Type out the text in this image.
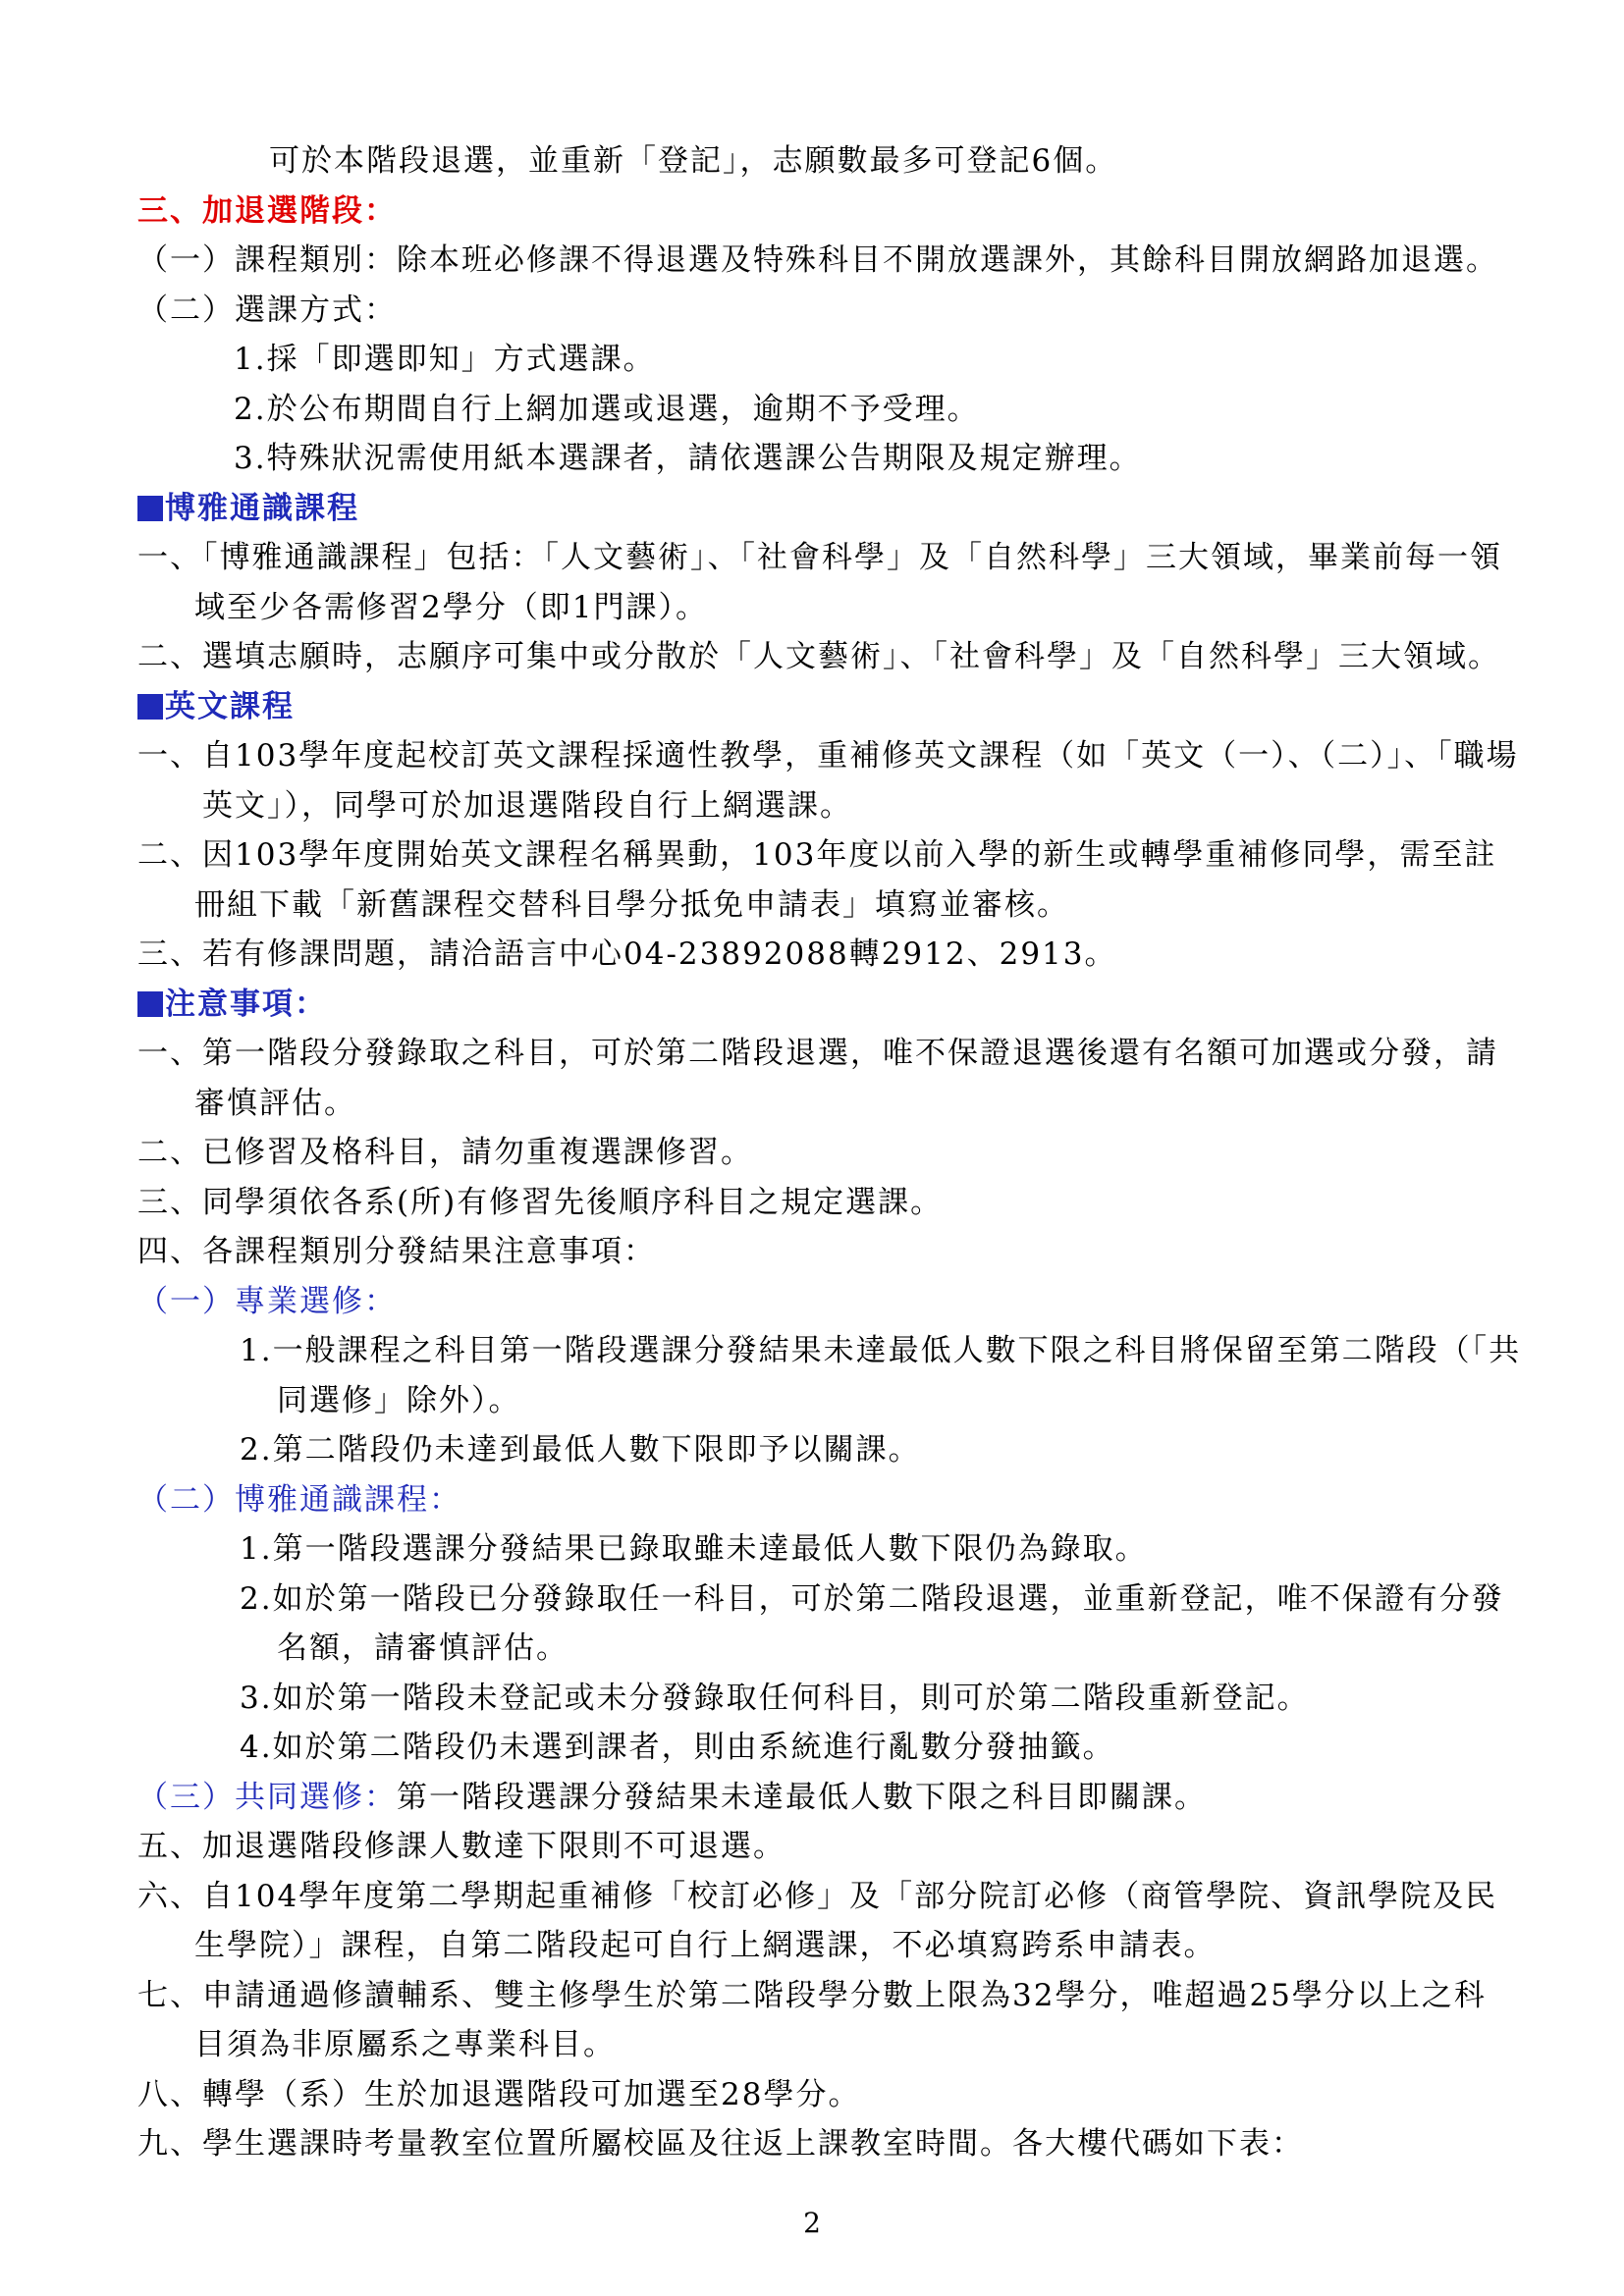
可於本階段退選，並重新「登記」，志願數最多可登記6個。
三、加退選階段：
（一）課程類別：除本班必修課不得退選及特殊科目不開放選課外，其餘科目開放網路加退選。
（二）選課方式：
1.採「即選即知」方式選課。
2.於公布期間自行上網加選或退選，逾期不予受理。
3.特殊狀況需使用紙本選課者，請依選課公告期限及規定辦理。
博雅通識課程
一、「博雅通識課程」包括：「人文藝術」、「社會科學」及「自然科學」三大領域，畢業前每一領
域至少各需修習2學分（即1門課）。
二、選填志願時，志願序可集中或分散於「人文藝術」、「社會科學」及「自然科學」三大領域。
英文課程
一、自103學年度起校訂英文課程採適性教學，重補修英文課程（如「英文（一）、（二）」、「職場
英文」），同學可於加退選階段自行上網選課。
二、因103學年度開始英文課程名稱異動，103年度以前入學的新生或轉學重補修同學，需至註
冊組下載「新舊課程交替科目學分抵免申請表」填寫並審核。
三、若有修課問題，請洽語言中心04-23892088轉2912、2913。
注意事項：
一、第一階段分發錄取之科目，可於第二階段退選，唯不保證退選後還有名額可加選或分發，請
審慎評估。
二、已修習及格科目，請勿重複選課修習。
三、同學須依各系(所)有修習先後順序科目之規定選課。
四、各課程類別分發結果注意事項：
（一）專業選修：
1.一般課程之科目第一階段選課分發結果未達最低人數下限之科目將保留至第二階段（「共
同選修」除外）。
2.第二階段仍未達到最低人數下限即予以關課。
（二）博雅通識課程：
1.第一階段選課分發結果已錄取雖未達最低人數下限仍為錄取。
2.如於第一階段已分發錄取任一科目，可於第二階段退選，並重新登記，唯不保證有分發
名額，請審慎評估。
3.如於第一階段未登記或未分發錄取任何科目，則可於第二階段重新登記。
4.如於第二階段仍未選到課者，則由系統進行亂數分發抽籤。
（三）共同選修：第一階段選課分發結果未達最低人數下限之科目即關課。
五、加退選階段修課人數達下限則不可退選。
六、自104學年度第二學期起重補修「校訂必修」及「部分院訂必修（商管學院、資訊學院及民
生學院）」課程，自第二階段起可自行上網選課，不必填寫跨系申請表。
七、申請通過修讀輔系、雙主修學生於第二階段學分數上限為32學分，唯超過25學分以上之科
目須為非原屬系之專業科目。
八、轉學（系）生於加退選階段可加選至28學分。
九、學生選課時考量教室位置所屬校區及往返上課教室時間。各大樓代碼如下表：
2
